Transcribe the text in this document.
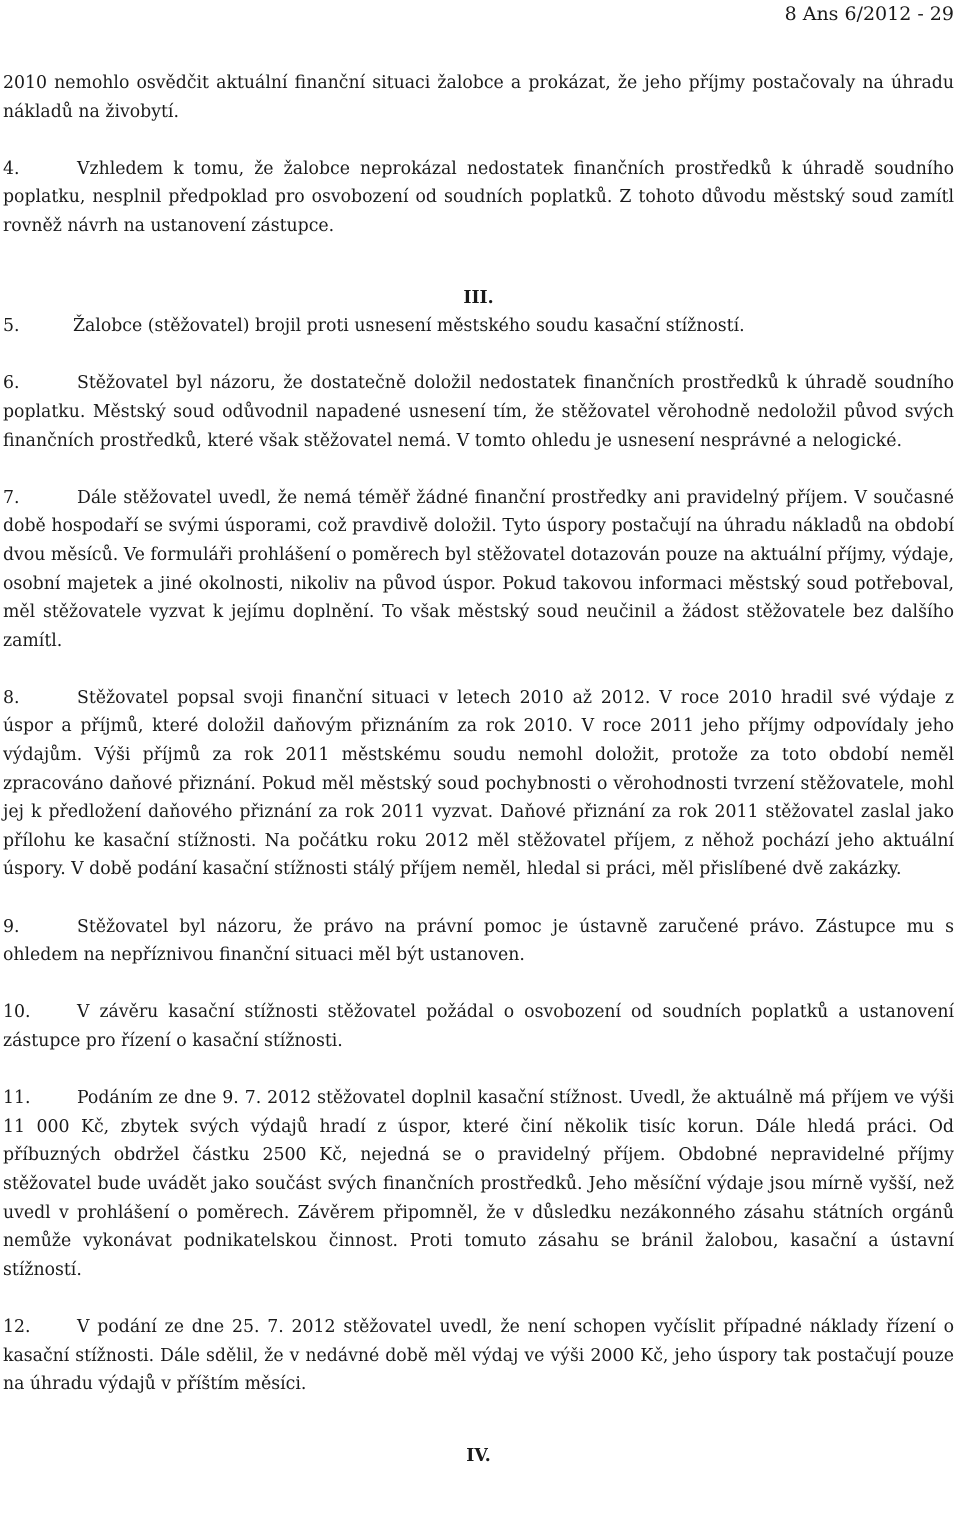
8 Ans 6/2012 - 29

2010 nemohlo osvědčit aktuální finanční situaci žalobce a prokázat, že jeho příjmy postačovaly na úhradu nákladů na živobytí.

4.	Vzhledem k tomu, že žalobce neprokázal nedostatek finančních prostředků k úhradě soudního poplatku, nesplnil předpoklad pro osvobození od soudních poplatků. Z tohoto důvodu městský soud zamítl rovněž návrh na ustanovení zástupce.

III.

5.	Žalobce (stěžovatel) brojil proti usnesení městského soudu kasační stížností.

6.	Stěžovatel byl názoru, že dostatečně doložil nedostatek finančních prostředků k úhradě soudního poplatku. Městský soud odůvodnil napadené usnesení tím, že stěžovatel věrohodně nedoložil původ svých finančních prostředků, které však stěžovatel nemá. V tomto ohledu je usnesení nesprávné a nelogické.

7.	Dále stěžovatel uvedl, že nemá téměř žádné finanční prostředky ani pravidelný příjem. V současné době hospodaří se svými úsporami, což pravdivě doložil. Tyto úspory postačují na úhradu nákladů na období dvou měsíců. Ve formuláři prohlášení o poměrech byl stěžovatel dotazován pouze na aktuální příjmy, výdaje, osobní majetek a jiné okolnosti, nikoliv na původ úspor. Pokud takovou informaci městský soud potřeboval, měl stěžovatele vyzvat k jejímu doplnění. To však městský soud neučinil a žádost stěžovatele bez dalšího zamítl.

8.	Stěžovatel popsal svoji finanční situaci v letech 2010 až 2012. V roce 2010 hradil své výdaje z úspor a příjmů, které doložil daňovým přiznáním za rok 2010. V roce 2011 jeho příjmy odpovídaly jeho výdajům. Výši příjmů za rok 2011 městskému soudu nemohl doložit, protože za toto období neměl zpracováno daňové přiznání. Pokud měl městský soud pochybnosti o věrohodnosti tvrzení stěžovatele, mohl jej k předložení daňového přiznání za rok 2011 vyzvat. Daňové přiznání za rok 2011 stěžovatel zaslal jako přílohu ke kasační stížnosti. Na počátku roku 2012 měl stěžovatel příjem, z něhož pochází jeho aktuální úspory. V době podání kasační stížnosti stálý příjem neměl, hledal si práci, měl přislíbené dvě zakázky.

9.	Stěžovatel byl názoru, že právo na právní pomoc je ústavně zaručené právo. Zástupce mu s ohledem na nepříznivou finanční situaci měl být ustanoven.

10.	V závěru kasační stížnosti stěžovatel požádal o osvobození od soudních poplatků a ustanovení zástupce pro řízení o kasační stížnosti.

11.	Podáním ze dne 9. 7. 2012 stěžovatel doplnil kasační stížnost. Uvedl, že aktuálně má příjem ve výši 11 000 Kč, zbytek svých výdajů hradí z úspor, které činí několik tisíc korun. Dále hledá práci. Od příbuzných obdržel částku 2500 Kč, nejedná se o pravidelný příjem. Obdobné nepravidelné příjmy stěžovatel bude uvádět jako součást svých finančních prostředků. Jeho měsíční výdaje jsou mírně vyšší, než uvedl v prohlášení o poměrech. Závěrem připomněl, že v důsledku nezákonného zásahu státních orgánů nemůže vykonávat podnikatelskou činnost. Proti tomuto zásahu se bránil žalobou, kasační a ústavní stížností.

12.	V podání ze dne 25. 7. 2012 stěžovatel uvedl, že není schopen vyčíslit případné náklady řízení o kasační stížnosti. Dále sdělil, že v nedávné době měl výdaj ve výši 2000 Kč, jeho úspory tak postačují pouze na úhradu výdajů v příštím měsíci.

IV.
